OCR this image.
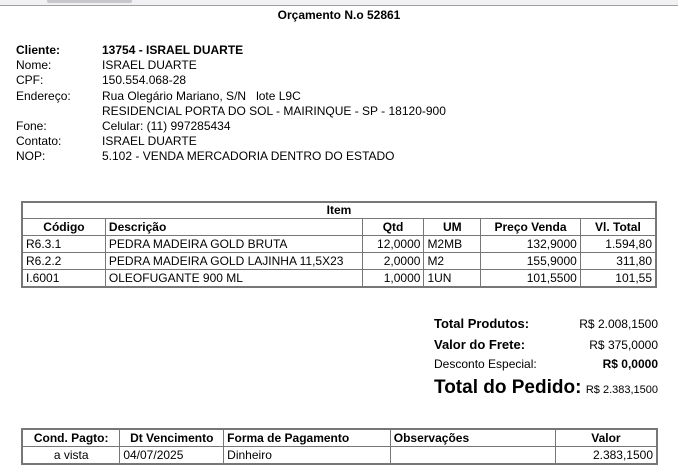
Orçamento N.o 52861
Cliente:	13754 - ISRAEL DUARTE
Nome:	ISRAEL DUARTE
CPF:	150.554.068-28
Endereço:	Rua Olegário Mariano, S/N   lote L9C
RESIDENCIAL PORTA DO SOL - MAIRINQUE - SP - 18120-900
Fone:	Celular: (11) 997285434
Contato:	ISRAEL DUARTE
NOP:	5.102 - VENDA MERCADORIA DENTRO DO ESTADO
Item					
Código	Descrição	Qtd	UM	Preço Venda	Vl. Total
R6.3.1	PEDRA MADEIRA GOLD BRUTA	12,0000	M2MB	132,9000	1.594,80
R6.2.2	PEDRA MADEIRA GOLD LAJINHA 11,5X23	2,0000	M2	155,9000	311,80
I.6001	OLEOFUGANTE 900 ML	1,0000	1UN	101,5500	101,55
Total Produtos:	R$ 2.008,1500
Valor do Frete:	R$ 375,0000
Desconto Especial:	R$ 0,0000
Total do Pedido: R$ 2.383,1500
Cond. Pagto:	Dt Vencimento	Forma de Pagamento	Observações	Valor
a vista	04/07/2025	Dinheiro		2.383,1500
